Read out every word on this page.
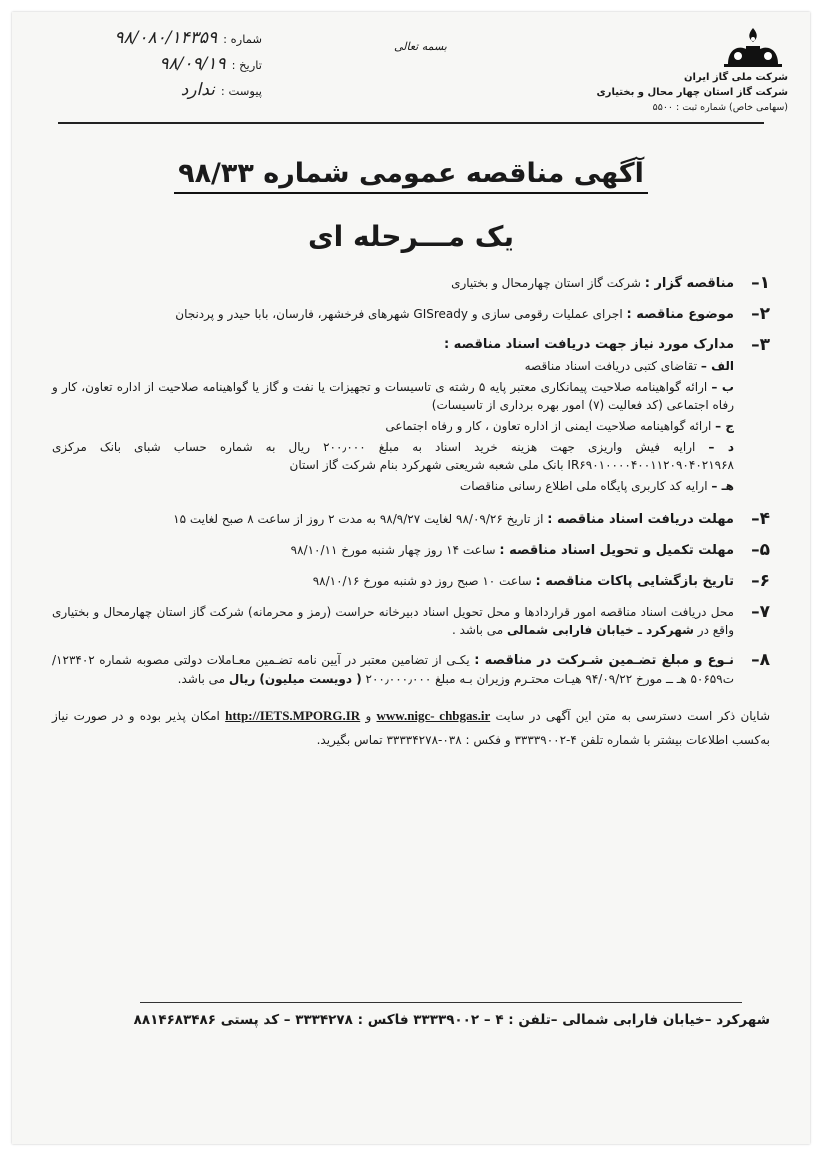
شرکت ملی گاز ایران
شرکت گاز استان چهار محال و بختیاری
(سهامی خاص) شماره ثبت : ۵۵۰۰
بسمه تعالی
شماره :
۹۸/۰۸۰/۱۴۳۵۹
تاریخ :
۹۸/۰۹/۱۹
پیوست :
ندارد
آگهی مناقصه عمومی شماره ۹۸/۳۳
یک مـــرحله ای
۱–
مناقصه گزار : شرکت گاز استان چهارمحال و بختیاری
۲–
موضوع مناقصه : اجرای عملیات رقومی سازی و GISready شهرهای فرخشهر، فارسان، بابا حیدر و پردنجان
۳–
مدارک مورد نیاز جهت دریافت اسناد مناقصه :
الف – تقاضای کتبی دریافت اسناد مناقصه
ب – ارائه گواهینامه صلاحیت پیمانکاری معتبر پایه ۵ رشته ی تاسیسات و تجهیزات یا نفت و گاز یا گواهینامه صلاحیت از اداره تعاون، کار و رفاه اجتماعی (کد فعالیت (۷) امور بهره برداری از تاسیسات)
ج – ارائه گواهینامه صلاحیت ایمنی از اداره تعاون ، کار و رفاه اجتماعی
د – ارایه فیش واریزی جهت هزینه خرید اسناد به مبلغ ۲۰۰٫۰۰۰ ریال به شماره حساب شبای بانک مرکزی IR۶۹۰۱۰۰۰۰۴۰۰۱۱۲۰۹۰۴۰۲۱۹۶۸ بانک ملی شعبه شریعتی شهرکرد بنام شرکت گاز استان
هـ – ارایه کد کاربری پایگاه ملی اطلاع رسانی مناقصات
۴–
مهلت دریافت اسناد مناقصه : از تاریخ ۹۸/۰۹/۲۶ لغایت ۹۸/۹/۲۷ به مدت ۲ روز از ساعت ۸ صبح لغایت ۱۵
۵–
مهلت تکمیل و تحویل اسناد مناقصه : ساعت ۱۴ روز چهار شنبه مورخ ۹۸/۱۰/۱۱
۶–
تاریخ بازگشایی پاکات مناقصه : ساعت ۱۰ صبح روز دو شنبه مورخ ۹۸/۱۰/۱۶
۷–
محل دریافت اسناد مناقصه امور قراردادها و محل تحویل اسناد دبیرخانه حراست (رمز و محرمانه) شرکت گاز استان چهارمحال و بختیاری واقع در شهرکرد ـ خیابان فارابی شمالی می باشد .
۸–
نـوع و مبلغ تضـمین شـرکت در مناقصه : یکـی از تضامین معتبر در آیین نامه تضـمین معـاملات دولتی مصوبه شماره ۱۲۳۴۰۲/ت۵۰۶۵۹ هـ ــ مورخ ۹۴/۰۹/۲۲ هیـات محتـرم وزیران بـه مبلغ ۲۰۰٫۰۰۰٫۰۰۰ ( دویست میلیون) ریال می باشد.
شایان ذکر است دسترسی به متن این آگهی در سایت www.nigc- chbgas.ir و http://IETS.MPORG.IR امکان پذیر بوده و در صورت نیاز به‌کسب اطلاعات بیشتر با شماره تلفن ۴-۳۳۳۳۹۰۰۲ و فکس : ۰۳۸-۳۳۳۳۴۲۷۸ تماس بگیرید.
شهرکرد –خیابان فارابی شمالی –تلفن : ۴ – ۳۳۳۳۹۰۰۲ فاکس : ۳۳۳۴۲۷۸ – کد پستی ۸۸۱۴۶۸۳۴۸۶
